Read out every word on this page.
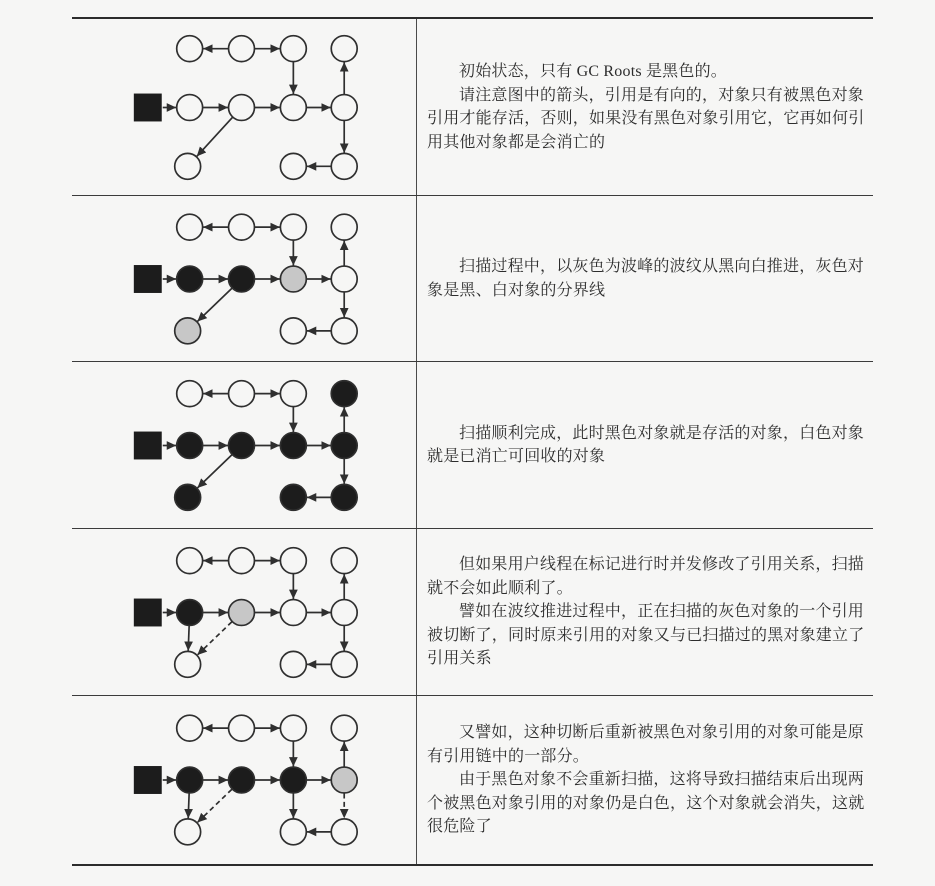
初始状态，只有 GC Roots 是黑色的。

请注意图中的箭头，引用是有向的，对象只有被黑色对象引用才能存活，否则，如果没有黑色对象引用它，它再如何引用其他对象都是会消亡的

扫描过程中，以灰色为波峰的波纹从黑向白推进，灰色对象是黑、白对象的分界线

扫描顺利完成，此时黑色对象就是存活的对象，白色对象就是已消亡可回收的对象

但如果用户线程在标记进行时并发修改了引用关系，扫描就不会如此顺利了。

譬如在波纹推进过程中，正在扫描的灰色对象的一个引用被切断了，同时原来引用的对象又与已扫描过的黑对象建立了引用关系

又譬如，这种切断后重新被黑色对象引用的对象可能是原有引用链中的一部分。

由于黑色对象不会重新扫描，这将导致扫描结束后出现两个被黑色对象引用的对象仍是白色，这个对象就会消失，这就很危险了
